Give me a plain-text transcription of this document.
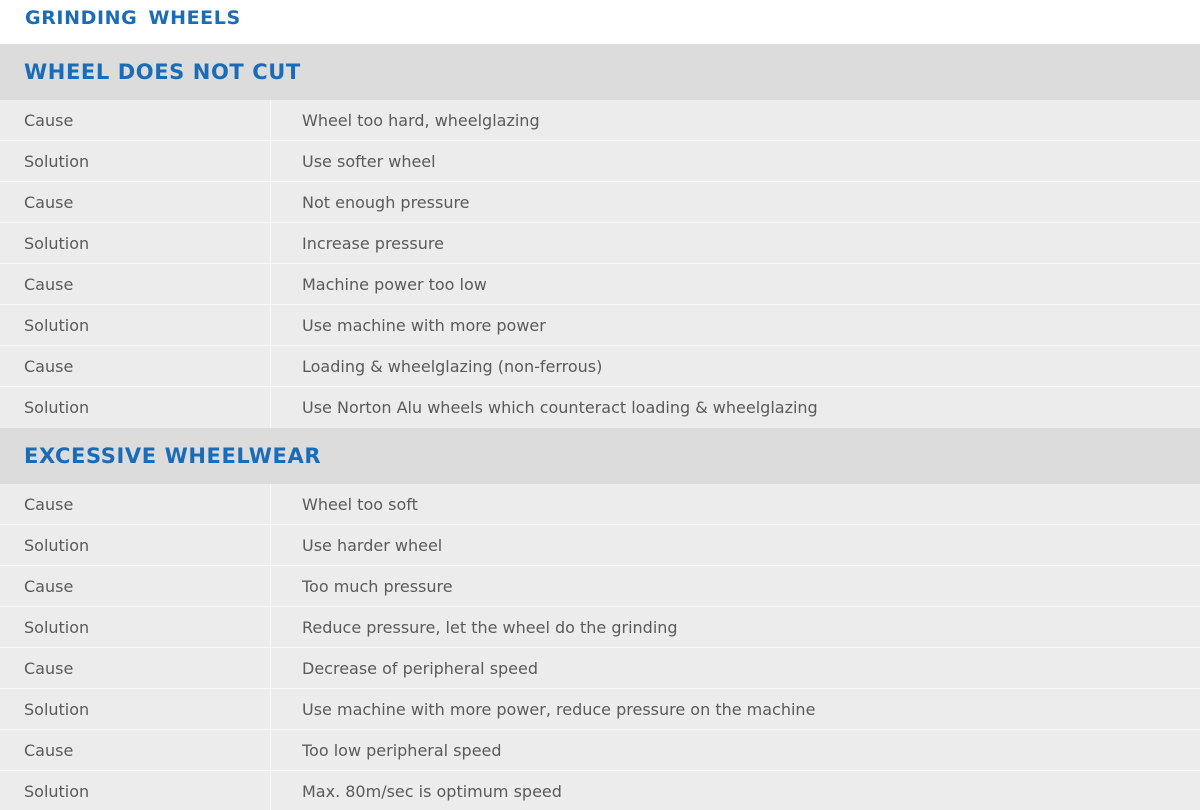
GRINDING WHEELS
WHEEL DOES NOT CUT
Cause	Wheel too hard, wheelglazing
Solution	Use softer wheel
Cause	Not enough pressure
Solution	Increase pressure
Cause	Machine power too low
Solution	Use machine with more power
Cause	Loading & wheelglazing (non-ferrous)
Solution	Use Norton Alu wheels which counteract loading & wheelglazing
EXCESSIVE WHEELWEAR
Cause	Wheel too soft
Solution	Use harder wheel
Cause	Too much pressure
Solution	Reduce pressure, let the wheel do the grinding
Cause	Decrease of peripheral speed
Solution	Use machine with more power, reduce pressure on the machine
Cause	Too low peripheral speed
Solution	Max. 80m/sec is optimum speed
